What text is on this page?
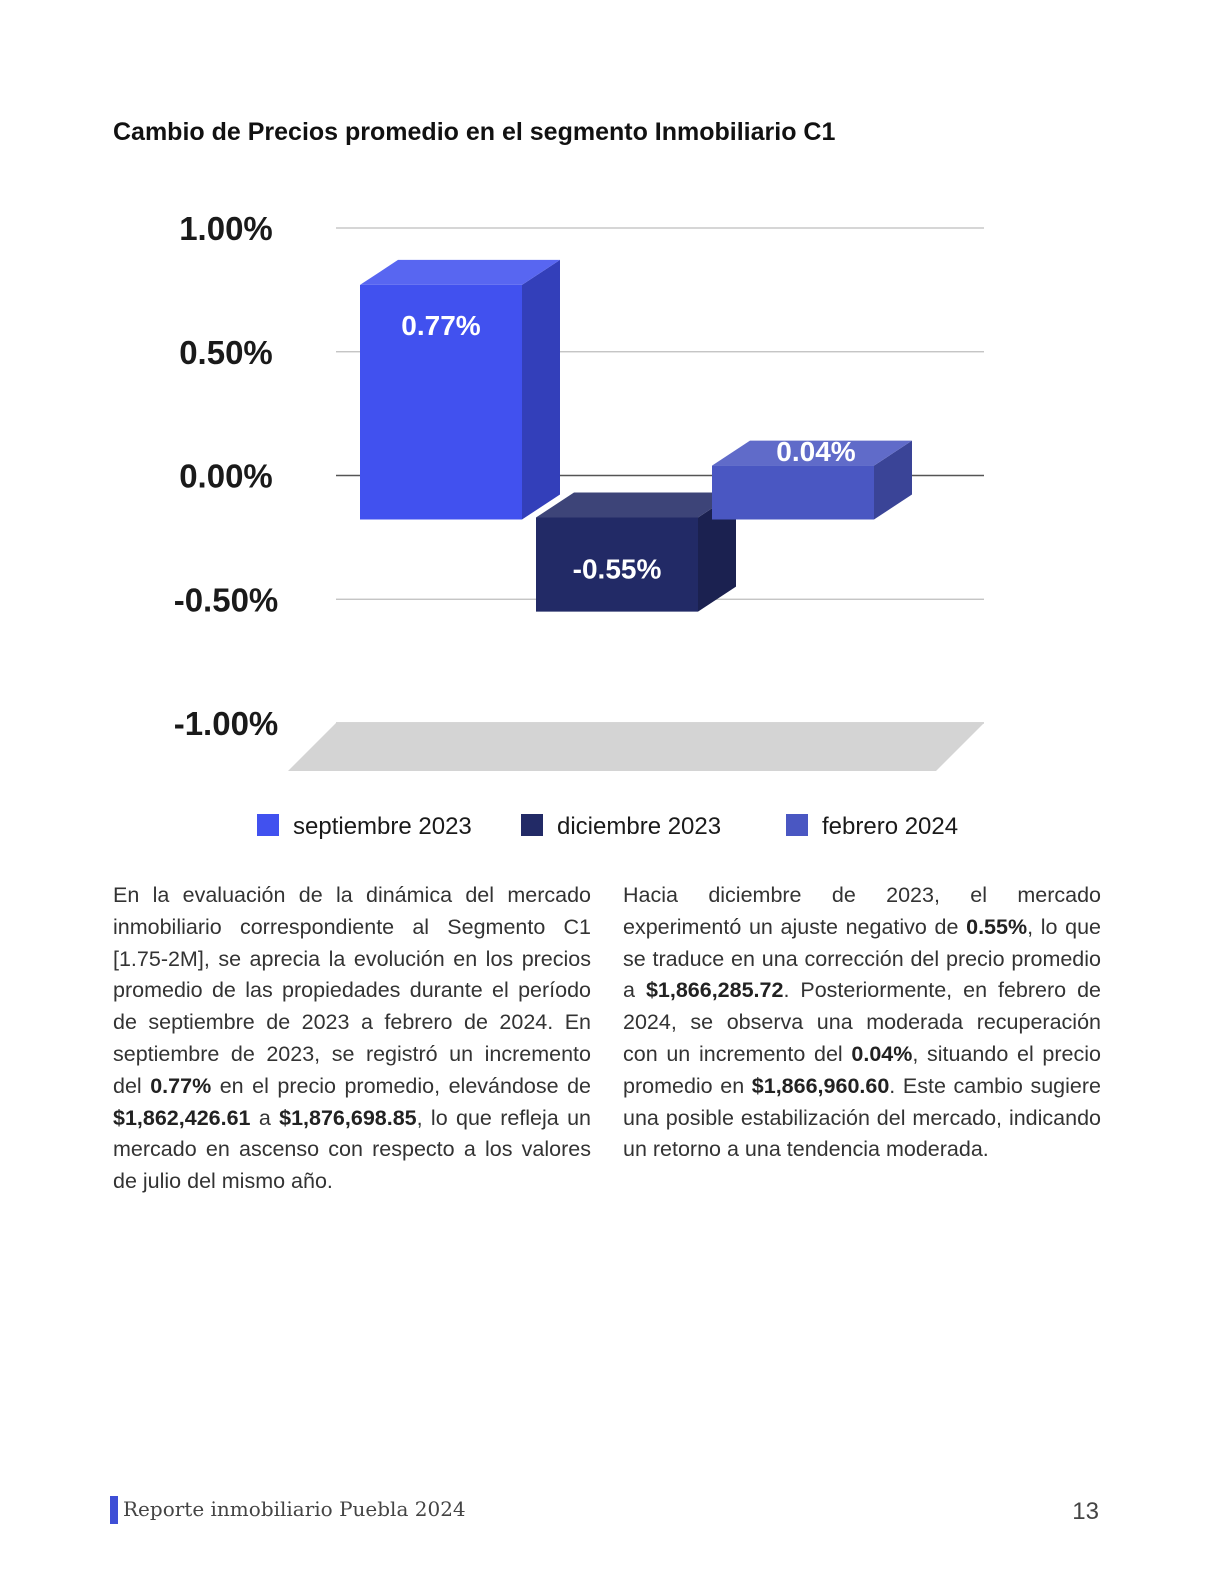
Cambio de Precios promedio en el segmento Inmobiliario C1
1.00%
0.50%
0.00%
-0.50%
-1.00%
0.77%
-0.55%
0.04%
septiembre 2023	diciembre 2023	febrero 2024
En la evaluación de la dinámica del mercado inmobiliario correspondiente al Segmento C1 [1.75-2M], se aprecia la evolución en los precios promedio de las propiedades durante el período de septiembre de 2023 a febrero de 2024. En septiembre de 2023, se registró un incremento del 0.77% en el precio promedio, elevándose de $1,862,426.61 a $1,876,698.85, lo que refleja un mercado en ascenso con respecto a los valores de julio del mismo año.
Hacia diciembre de 2023, el mercado experimentó un ajuste negativo de 0.55%, lo que se traduce en una corrección del precio promedio a $1,866,285.72. Posteriormente, en febrero de 2024, se observa una moderada recuperación con un incremento del 0.04%, situando el precio promedio en $1,866,960.60. Este cambio sugiere una posible estabilización del mercado, indicando un retorno a una tendencia moderada.
Reporte inmobiliario Puebla 2024	13
